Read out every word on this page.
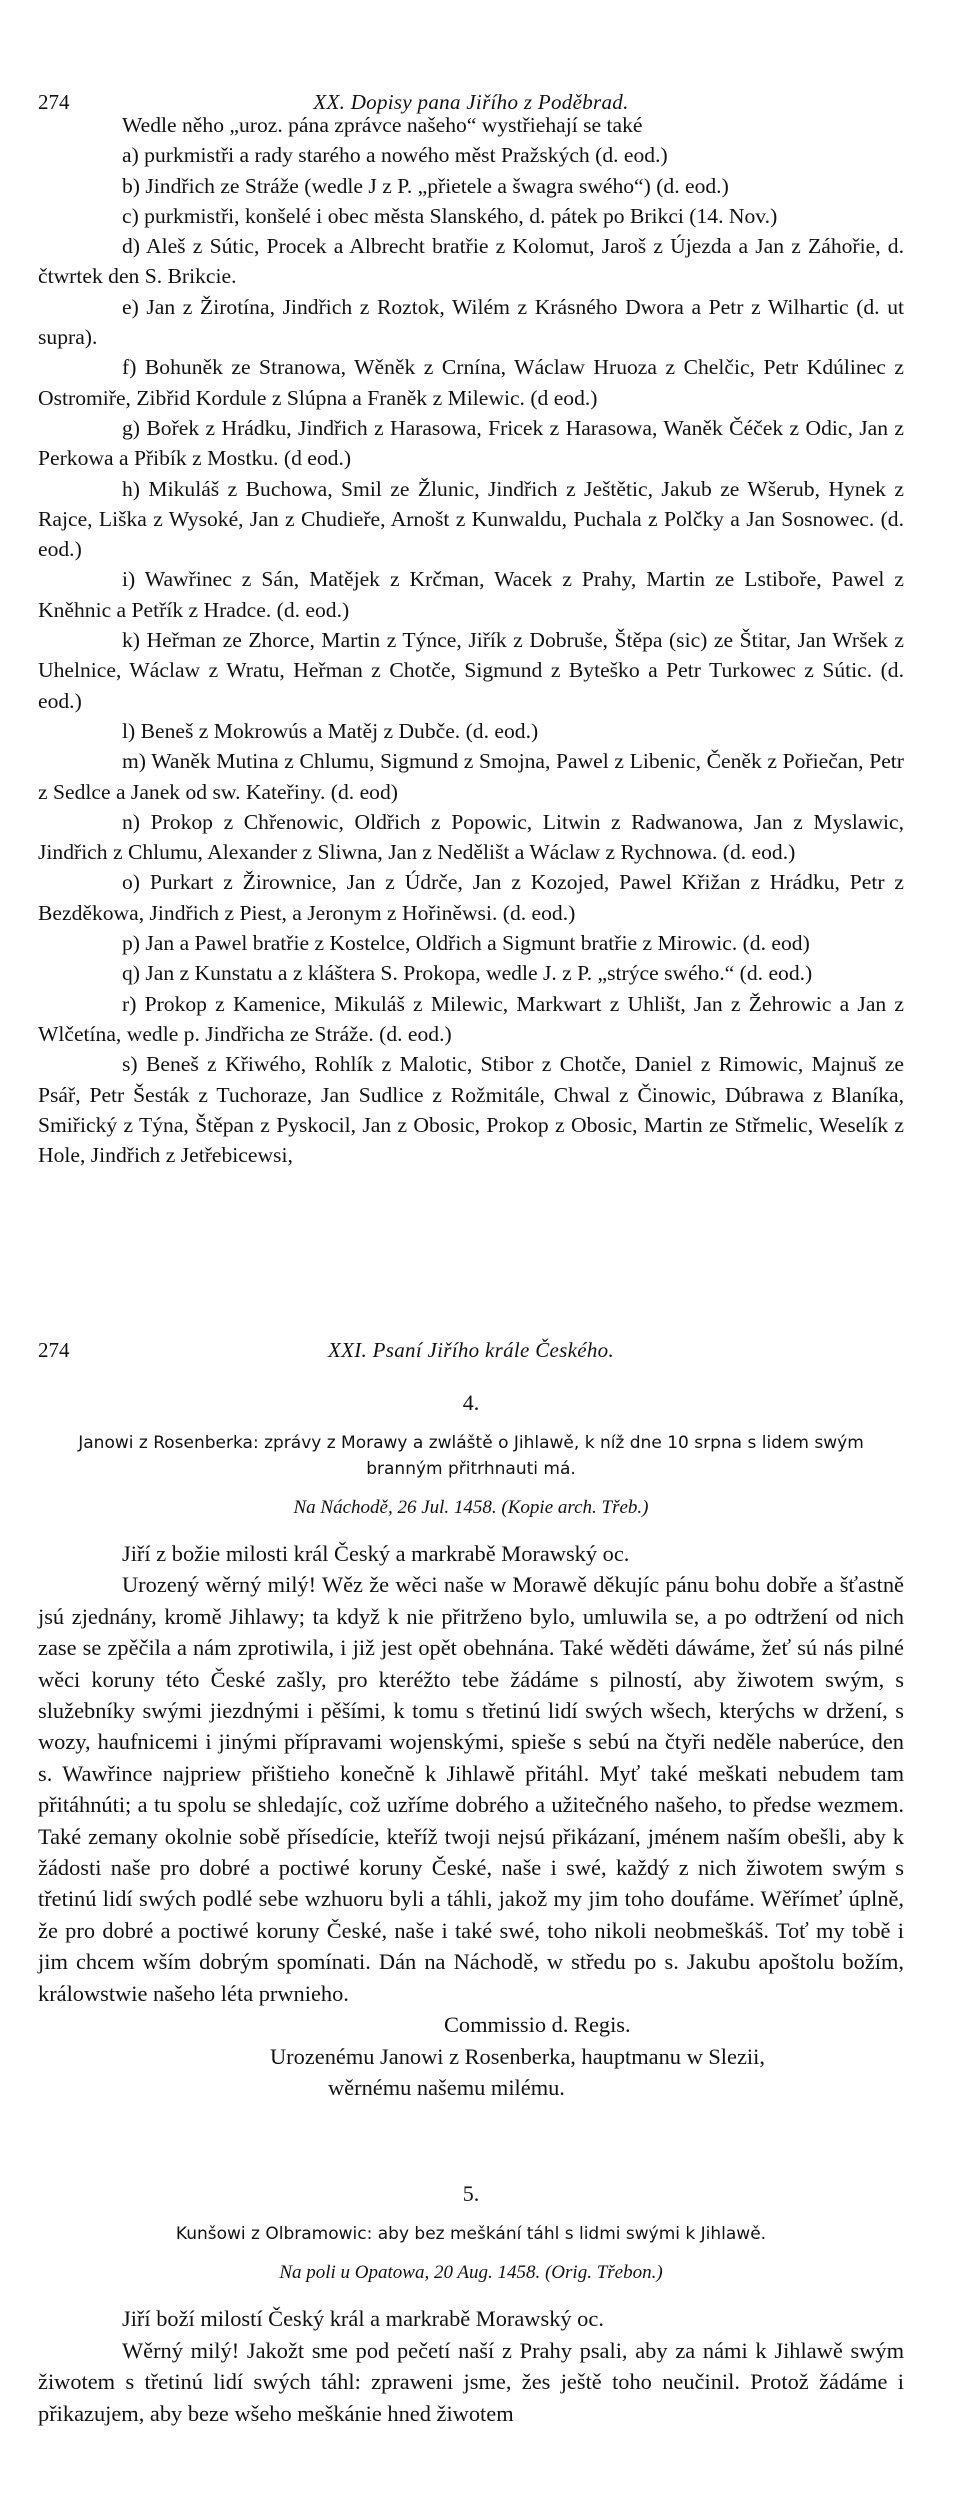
274	XX. Dopisy pana Jiřího z Poděbrad.

Wedle něho „uroz. pána zprávce našeho“ wystřiehají se také

a) purkmistři a rady starého a nowého měst Pražských (d. eod.)

b) Jindřich ze Stráže (wedle J z P. „přietele a šwagra swého“) (d. eod.)

c) purkmistři, konšelé i obec města Slanského, d. pátek po Brikci (14. Nov.)

d) Aleš z Sútic, Procek a Albrecht bratřie z Kolomut, Jaroš z Újezda a Jan z Záhořie, d. čtwrtek den S. Brikcie.

e) Jan z Žirotína, Jindřich z Roztok, Wilém z Krásného Dwora a Petr z Wilhartic (d. ut supra).

f) Bohuněk ze Stranowa, Wěněk z Crnína, Wáclaw Hruoza z Chelčic, Petr Kdúlinec z Ostromiře, Zibřid Kordule z Slúpna a Franěk z Milewic. (d eod.)

g) Bořek z Hrádku, Jindřich z Harasowa, Fricek z Harasowa, Waněk Čéček z Odic, Jan z Perkowa a Přibík z Mostku. (d eod.)

h) Mikuláš z Buchowa, Smil ze Žlunic, Jindřich z Ještětic, Jakub ze Wšerub, Hynek z Rajce, Liška z Wysoké, Jan z Chudieře, Arnošt z Kunwaldu, Puchala z Polčky a Jan Sosnowec. (d. eod.)

i) Wawřinec z Sán, Matějek z Krčman, Wacek z Prahy, Martin ze Lstiboře, Pawel z Kněhnic a Petřík z Hradce. (d. eod.)

k) Heřman ze Zhorce, Martin z Týnce, Jiřík z Dobruše, Štěpa (sic) ze Štitar, Jan Wršek z Uhelnice, Wáclaw z Wratu, Heřman z Chotče, Sigmund z Byteško a Petr Turkowec z Sútic. (d. eod.)

l) Beneš z Mokrowús a Matěj z Dubče. (d. eod.)

m) Waněk Mutina z Chlumu, Sigmund z Smojna, Pawel z Libenic, Čeněk z Pořiečan, Petr z Sedlce a Janek od sw. Kateřiny. (d. eod)

n) Prokop z Chřenowic, Oldřich z Popowic, Litwin z Radwanowa, Jan z Myslawic, Jindřich z Chlumu, Alexander z Sliwna, Jan z Nedělišt a Wáclaw z Rychnowa. (d. eod.)

o) Purkart z Žirownice, Jan z Údrče, Jan z Kozojed, Pawel Křižan z Hrádku, Petr z Bezděkowa, Jindřich z Piest, a Jeronym z Hořiněwsi. (d. eod.)

p) Jan a Pawel bratřie z Kostelce, Oldřich a Sigmunt bratřie z Mirowic. (d. eod)

q) Jan z Kunstatu a z kláštera S. Prokopa, wedle J. z P. „strýce swého.“ (d. eod.)

r) Prokop z Kamenice, Mikuláš z Milewic, Markwart z Uhlišt, Jan z Žehrowic a Jan z Wlčetína, wedle p. Jindřicha ze Stráže. (d. eod.)

s) Beneš z Křiwého, Rohlík z Malotic, Stibor z Chotče, Daniel z Rimowic, Majnuš ze Psář, Petr Šesták z Tuchoraze, Jan Sudlice z Rožmitále, Chwal z Činowic, Dúbrawa z Blaníka, Smiřický z Týna, Štěpan z Pyskocil, Jan z Obosic, Prokop z Obosic, Martin ze Střmelic, Weselík z Hole, Jindřich z Jetřebicewsi,

274	XXI. Psaní Jiřího krále Českého.
4.
Janowi z Rosenberka: zprávy z Morawy a zwláště o Jihlawě, k níž dne 10 srpna s lidem swým branným přitrhnauti má.
Na Náchodě, 26 Jul. 1458. (Kopie arch. Třeb.)

Jiří z božie milosti král Český a markrabě Morawský oc.

Urozený wěrný milý! Wěz že wěci naše w Morawě děkujíc pánu bohu dobře a šťastně jsú zjednány, kromě Jihlawy; ta když k nie přitrženo bylo, umluwila se, a po odtržení od nich zase se zpěčila a nám zprotiwila, i již jest opět obehnána. Také wěděti dáwáme, žeť sú nás pilné wěci koruny této České zašly, pro kteréžto tebe žádáme s pilností, aby žiwotem swým, s služebníky swými jiezdnými i pěšími, k tomu s třetinú lidí swých wšech, kterýchs w držení, s wozy, haufnicemi i jinými přípravami wojenskými, spieše s sebú na čtyři neděle naberúce, den s. Wawřince najpriew přištieho konečně k Jihlawě přitáhl. Myť také meškati nebudem tam přitáhnúti; a tu spolu se shledajíc, což uzříme dobrého a užitečného našeho, to předse wezmem. Také zemany okolnie sobě přísedície, kteříž twoji nejsú přikázaní, jménem naším obešli, aby k žádosti naše pro dobré a poctiwé koruny České, naše i swé, každý z nich žiwotem swým s třetinú lidí swých podlé sebe wzhuoru byli a táhli, jakož my jim toho doufáme. Wěřímeť úplně, že pro dobré a poctiwé koruny České, naše i také swé, toho nikoli neobmeškáš. Toť my tobě i jim chcem wším dobrým spomínati. Dán na Náchodě, w středu po s. Jakubu apoštolu božím, králowstwie našeho léta prwnieho.

Commissio d. Regis.

Urozenému Janowi z Rosenberka, hauptmanu w Slezii,

wěrnému našemu milému.

5.
Kunšowi z Olbramowic: aby bez meškání táhl s lidmi swými k Jihlawě.
Na poli u Opatowa, 20 Aug. 1458. (Orig. Třebon.)

Jiří boží milostí Český král a markrabě Morawský oc.

Wěrný milý! Jakožt sme pod pečetí naší z Prahy psali, aby za námi k Jihlawě swým žiwotem s třetinú lidí swých táhl: zpraweni jsme, žes ještě toho neučinil. Protož žádáme i přikazujem, aby beze wšeho meškánie hned žiwotem
